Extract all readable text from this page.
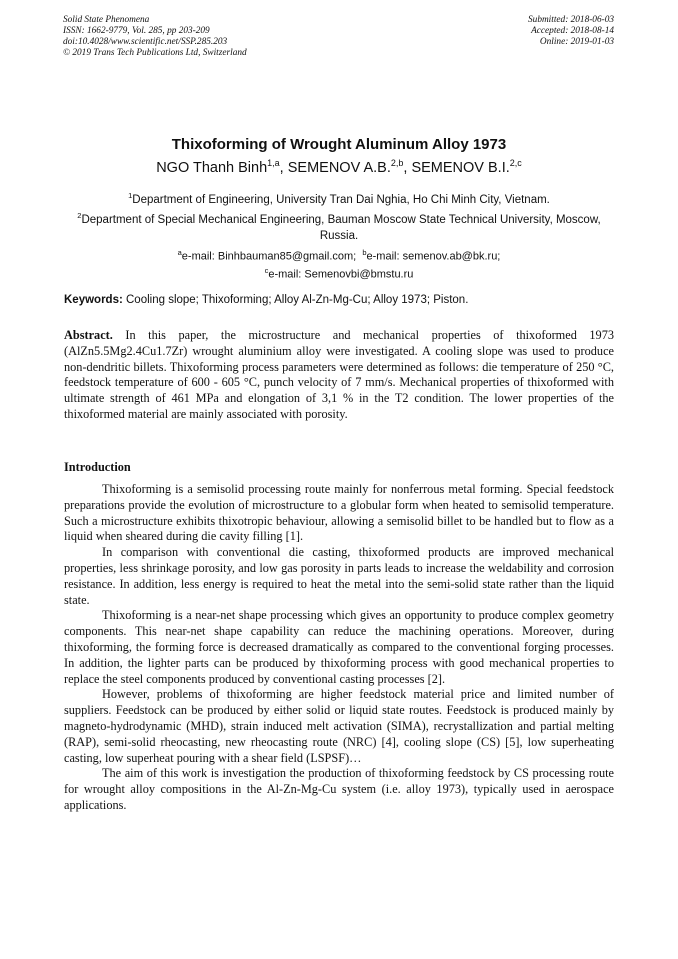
Solid State Phenomena
ISSN: 1662-9779, Vol. 285, pp 203-209
doi:10.4028/www.scientific.net/SSP.285.203
© 2019 Trans Tech Publications Ltd, Switzerland
Submitted: 2018-06-03
Accepted: 2018-08-14
Online: 2019-01-03
Thixoforming of Wrought Aluminum Alloy 1973
NGO Thanh Binh$^{1,a}$, SEMENOV A.B.$^{2,b}$, SEMENOV B.I.$^{2,c}$
$^1$Department of Engineering, University Tran Dai Nghia, Ho Chi Minh City, Vietnam.
$^2$Department of Special Mechanical Engineering, Bauman Moscow State Technical University, Moscow, Russia.
$^a$e-mail: Binhbauman85@gmail.com; $^b$e-mail: semenov.ab@bk.ru;
$^c$e-mail: Semenovbi@bmstu.ru
Keywords: Cooling slope; Thixoforming; Alloy Al-Zn-Mg-Cu; Alloy 1973; Piston.
Abstract. In this paper, the microstructure and mechanical properties of thixoformed 1973 (AlZn5.5Mg2.4Cu1.7Zr) wrought aluminium alloy were investigated. A cooling slope was used to produce non-dendritic billets. Thixoforming process parameters were determined as follows: die temperature of 250 °C, feedstock temperature of 600 - 605 °C, punch velocity of 7 mm/s. Mechanical properties of thixoformed with ultimate strength of 461 MPa and elongation of 3,1 % in the T2 condition. The lower properties of the thixoformed material are mainly associated with porosity.
Introduction

Thixoforming is a semisolid processing route mainly for nonferrous metal forming. Special feedstock preparations provide the evolution of microstructure to a globular form when heated to semisolid temperature. Such a microstructure exhibits thixotropic behaviour, allowing a semisolid billet to be handled but to flow as a liquid when sheared during die cavity filling [1].

In comparison with conventional die casting, thixoformed products are improved mechanical properties, less shrinkage porosity, and low gas porosity in parts leads to increase the weldability and corrosion resistance. In addition, less energy is required to heat the metal into the semi-solid state rather than the liquid state.

Thixoforming is a near-net shape processing which gives an opportunity to produce complex geometry components. This near-net shape capability can reduce the machining operations. Moreover, during thixoforming, the forming force is decreased dramatically as compared to the conventional forging processes. In addition, the lighter parts can be produced by thixoforming process with good mechanical properties to replace the steel components produced by conventional casting processes [2].

However, problems of thixoforming are higher feedstock material price and limited number of suppliers. Feedstock can be produced by either solid or liquid state routes. Feedstock is produced mainly by magneto-hydrodynamic (MHD), strain induced melt activation (SIMA), recrystallization and partial melting (RAP), semi-solid rheocasting, new rheocasting route (NRC) [4], cooling slope (CS) [5], low superheating casting, low superheat pouring with a shear field (LSPSF)…

The aim of this work is investigation the production of thixoforming feedstock by CS processing route for wrought alloy compositions in the Al-Zn-Mg-Cu system (i.e. alloy 1973), typically used in aerospace applications.
